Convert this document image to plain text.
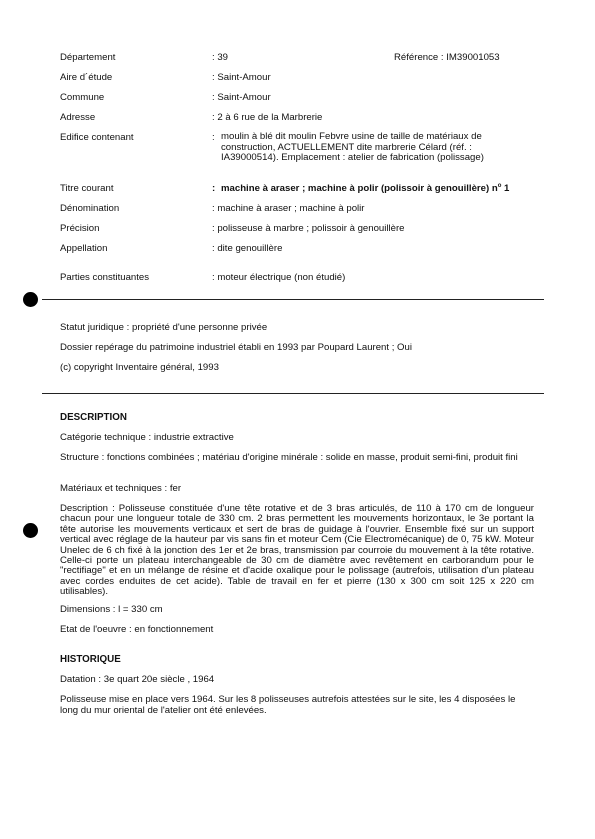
Département	: 39	Référence : IM39001053
Aire d´étude	: Saint-Amour
Commune	: Saint-Amour
Adresse	: 2 à 6 rue de la Marbrerie
Edifice contenant	: moulin à blé dit moulin Febvre usine de taille de matériaux de construction, ACTUELLEMENT dite marbrerie Célard (réf. : IA39000514). Emplacement : atelier de fabrication (polissage)
Titre courant	: machine à araser ; machine à polir (polissoir à genouillère) $n^o$ 1
Dénomination	: machine à araser ; machine à polir
Précision	: polisseuse à marbre ; polissoir à genouillère
Appellation	: dite genouillère
Parties constituantes	: moteur électrique (non étudié)
Statut juridique : propriété d'une personne privée
Dossier repérage du patrimoine industriel établi en 1993 par Poupard Laurent ; Oui
(c) copyright Inventaire général, 1993
DESCRIPTION
Catégorie technique : industrie extractive
Structure : fonctions combinées ; matériau d'origine minérale : solide en masse, produit semi-fini, produit fini
Matériaux et techniques : fer
Description : Polisseuse constituée d'une tête rotative et de 3 bras articulés, de 110 à 170 cm de longueur chacun pour une longueur totale de 330 cm. 2 bras permettent les mouvements horizontaux, le 3e portant la tête autorise les mouvements verticaux et sert de bras de guidage à l'ouvrier. Ensemble fixé sur un support vertical avec réglage de la hauteur par vis sans fin et moteur Cem (Cie Electromécanique) de 0, 75 kW. Moteur Unelec de 6 ch fixé à la jonction des 1er et 2e bras, transmission par courroie du mouvement à la tête rotative. Celle-ci porte un plateau interchangeable de 30 cm de diamètre avec revêtement en carborandum pour le "rectifiage" et en un mélange de résine et d'acide oxalique pour le polissage (autrefois, utilisation d'un plateau avec cordes enduites de cet acide). Table de travail en fer et pierre (130 x 300 cm soit 125 x 220 cm utilisables).
Dimensions : l = 330 cm
Etat de l'oeuvre : en fonctionnement
HISTORIQUE
Datation : 3e quart 20e siècle , 1964
Polisseuse mise en place vers 1964. Sur les 8 polisseuses autrefois attestées sur le site, les 4 disposées le long du mur oriental de l'atelier ont été enlevées.
